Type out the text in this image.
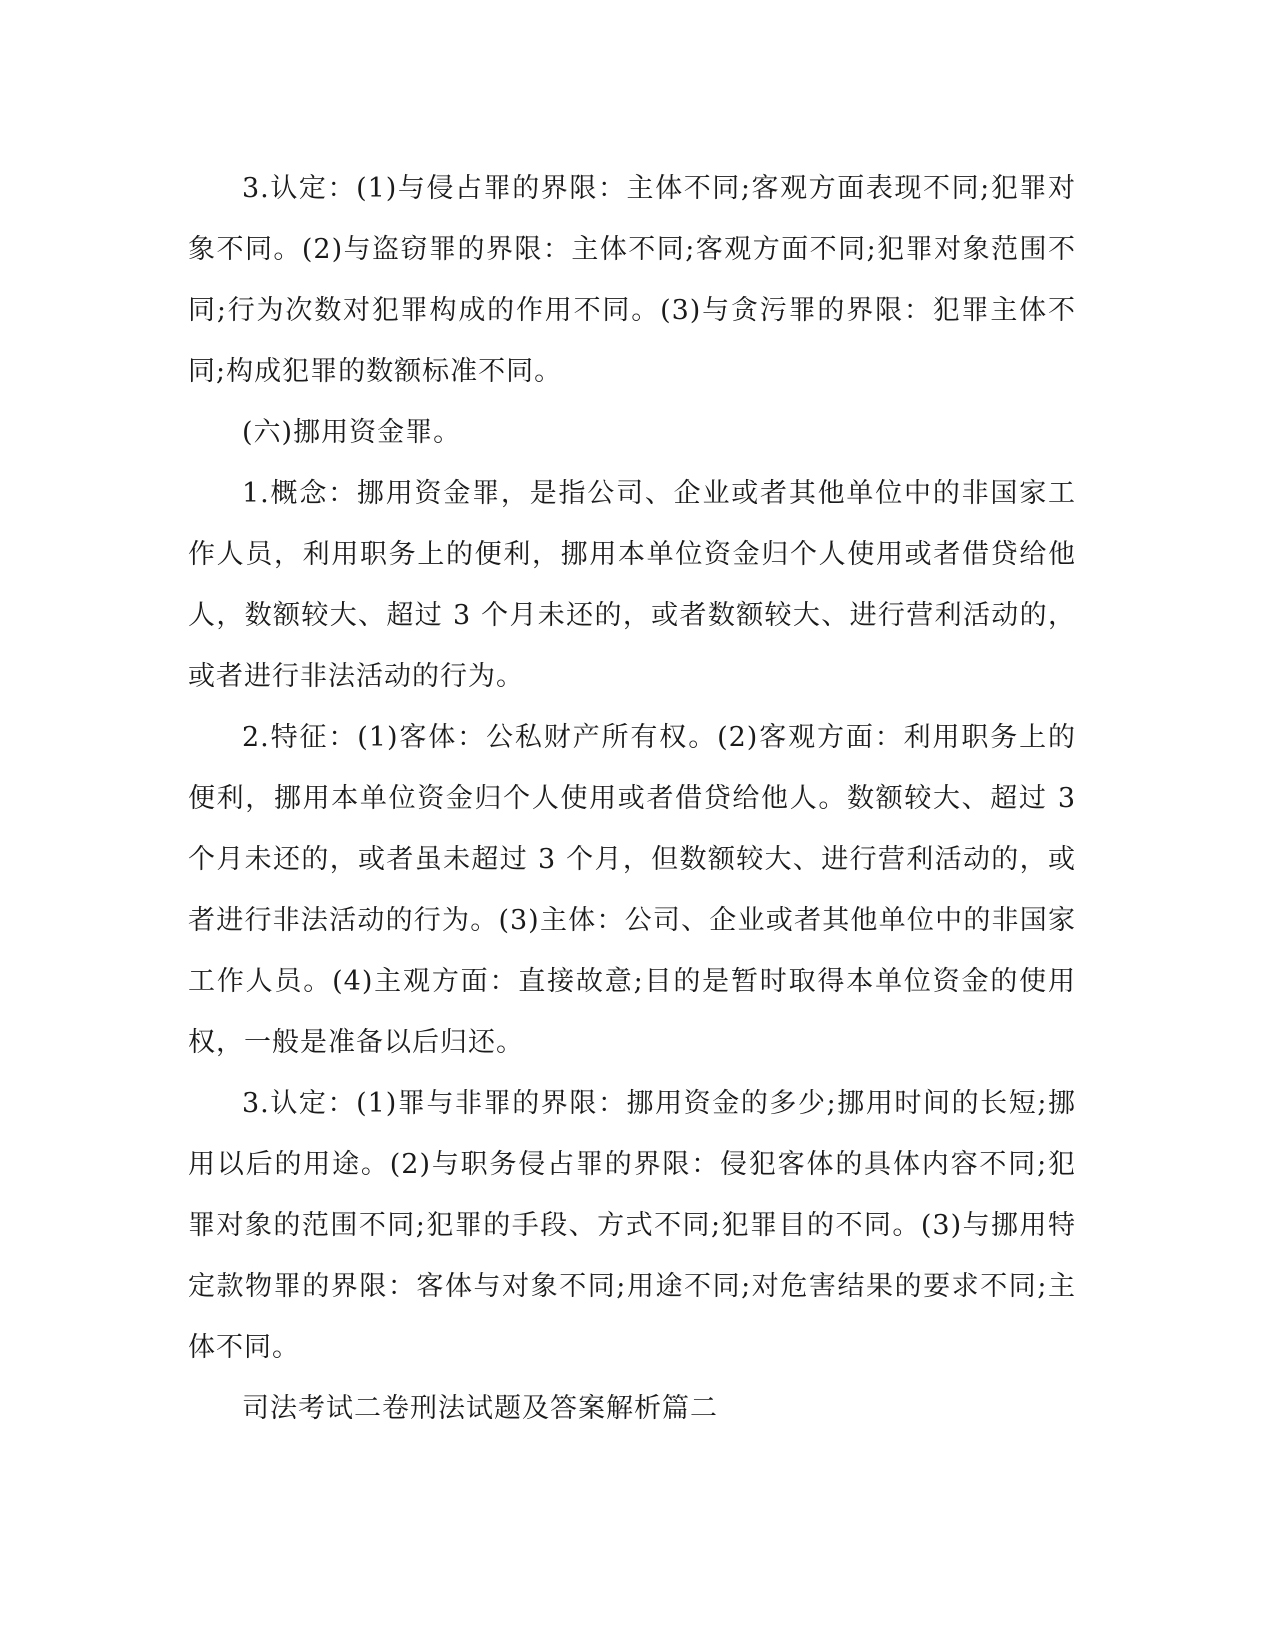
3.认定：(1)与侵占罪的界限：主体不同;客观方面表现不同;犯罪对象不同。(2)与盗窃罪的界限：主体不同;客观方面不同;犯罪对象范围不同;行为次数对犯罪构成的作用不同。(3)与贪污罪的界限：犯罪主体不同;构成犯罪的数额标准不同。

(六)挪用资金罪。

1.概念：挪用资金罪，是指公司、企业或者其他单位中的非国家工作人员，利用职务上的便利，挪用本单位资金归个人使用或者借贷给他人，数额较大、超过 3 个月未还的，或者数额较大、进行营利活动的，或者进行非法活动的行为。

2.特征：(1)客体：公私财产所有权。(2)客观方面：利用职务上的便利，挪用本单位资金归个人使用或者借贷给他人。数额较大、超过 3 个月未还的，或者虽未超过 3 个月，但数额较大、进行营利活动的，或者进行非法活动的行为。(3)主体：公司、企业或者其他单位中的非国家工作人员。(4)主观方面：直接故意;目的是暂时取得本单位资金的使用权，一般是准备以后归还。

3.认定：(1)罪与非罪的界限：挪用资金的多少;挪用时间的长短;挪用以后的用途。(2)与职务侵占罪的界限：侵犯客体的具体内容不同;犯罪对象的范围不同;犯罪的手段、方式不同;犯罪目的不同。(3)与挪用特定款物罪的界限：客体与对象不同;用途不同;对危害结果的要求不同;主体不同。

司法考试二卷刑法试题及答案解析篇二
